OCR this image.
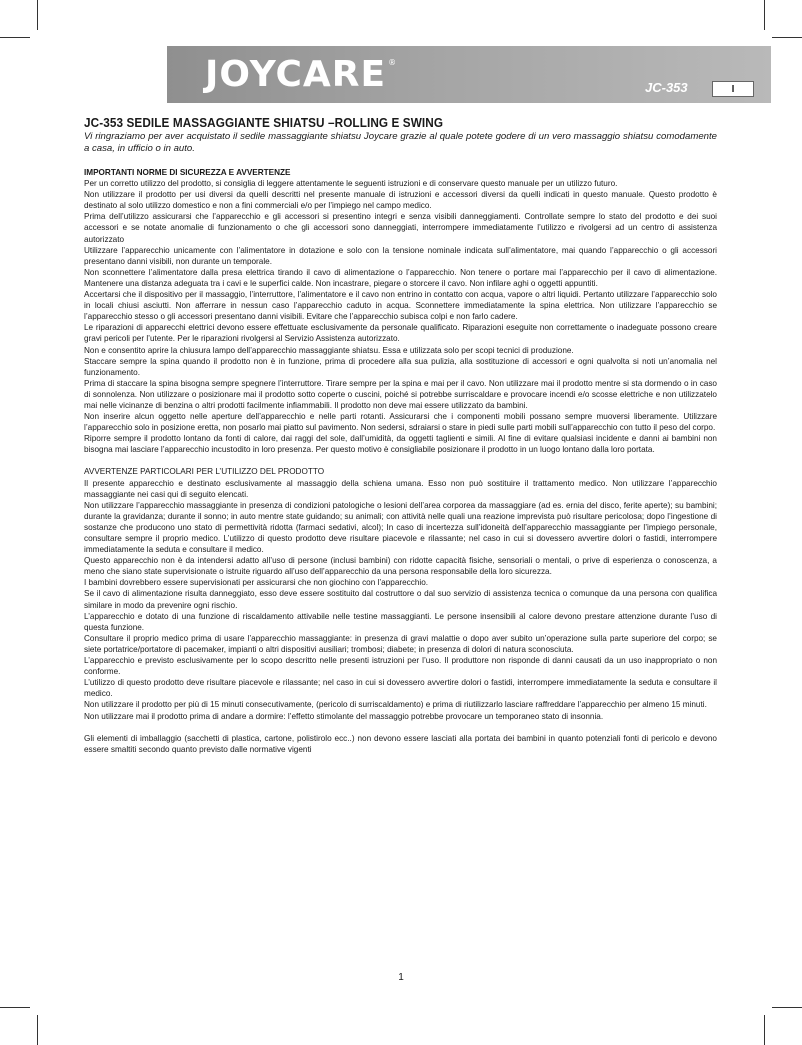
JOYCARE ®
JC-353	I
JC-353 SEDILE MASSAGGIANTE SHIATSU –ROLLING E SWING

Vi ringraziamo per aver acquistato il sedile massaggiante shiatsu Joycare grazie al quale potete godere di un vero massaggio shiatsu comodamente a casa, in ufficio o in auto.

IMPORTANTI NORME DI SICUREZZA E AVVERTENZE

Per un corretto utilizzo del prodotto, si consiglia di leggere attentamente le seguenti istruzioni e di conservare questo manuale per un utilizzo futuro.

Non utilizzare il prodotto per usi diversi da quelli descritti nel presente manuale di istruzioni e accessori diversi da quelli indicati in questo manuale. Questo prodotto è destinato al solo utilizzo domestico e non a fini commerciali e/o per l’impiego nel campo medico.

Prima dell’utilizzo assicurarsi che l’apparecchio e gli accessori si presentino integri e senza visibili danneggiamenti. Controllate sempre lo stato del prodotto e dei suoi accessori e se notate anomalie di funzionamento o che gli accessori sono danneggiati, interrompere immediatamente l’utilizzo e rivolgersi ad un centro di assistenza autorizzato

Utilizzare l’apparecchio unicamente con l’alimentatore in dotazione e solo con la tensione nominale indicata sull’alimentatore, mai quando l’apparecchio o gli accessori presentano danni visibili, non durante un temporale.

Non sconnettere l’alimentatore dalla presa elettrica tirando il cavo di alimentazione o l’apparecchio. Non tenere o portare mai l’apparecchio per il cavo di alimentazione. Mantenere una distanza adeguata tra i cavi e le superfici calde. Non incastrare, piegare o storcere il cavo. Non infilare aghi o oggetti appuntiti.

Accertarsi che il dispositivo per il massaggio, l’interruttore, l’alimentatore e il cavo non entrino in contatto con acqua, vapore o altri liquidi. Pertanto utilizzare l’apparecchio solo in locali chiusi asciutti. Non afferrare in nessun caso l’apparecchio caduto in acqua. Sconnettere immediatamente la spina elettrica. Non utilizzare l’apparecchio se l’apparecchio stesso o gli accessori presentano danni visibili. Evitare che l’apparecchio subisca colpi e non farlo cadere.

Le riparazioni di apparecchi elettrici devono essere effettuate esclusivamente da personale qualificato. Riparazioni eseguite non correttamente o inadeguate possono creare gravi pericoli per l’utente. Per le riparazioni rivolgersi al Servizio Assistenza autorizzato.

Non e consentito aprire la chiusura lampo dell’apparecchio massaggiante shiatsu. Essa e utilizzata solo per scopi tecnici di produzione.

Staccare sempre la spina quando il prodotto non è in funzione, prima di procedere alla sua pulizia, alla sostituzione di accessori e ogni qualvolta si noti un’anomalia nel funzionamento.

Prima di staccare la spina bisogna sempre spegnere l’interruttore. Tirare sempre per la spina e mai per il cavo. Non utilizzare mai il prodotto mentre si sta dormendo o in caso di sonnolenza. Non utilizzare o posizionare mai il prodotto sotto coperte o cuscini, poiché si potrebbe surriscaldare e provocare incendi e/o scosse elettriche e non utilizzatelo mai nelle vicinanze di benzina o altri prodotti facilmente infiammabili. Il prodotto non deve mai essere utilizzato da bambini.

Non inserire alcun oggetto nelle aperture dell’apparecchio e nelle parti rotanti. Assicurarsi che i componenti mobili possano sempre muoversi liberamente. Utilizzare l’apparecchio solo in posizione eretta, non posarlo mai piatto sul pavimento. Non sedersi, sdraiarsi o stare in piedi sulle parti mobili sull’apparecchio con tutto il peso del corpo.

Riporre sempre il prodotto lontano da fonti di calore, dai raggi del sole, dall’umidità, da oggetti taglienti e simili. Al fine di evitare qualsiasi incidente e danni ai bambini non bisogna mai lasciare l’apparecchio incustodito in loro presenza. Per questo motivo è consigliabile posizionare il prodotto in un luogo lontano dalla loro portata.

AVVERTENZE PARTICOLARI PER L’UTILIZZO DEL PRODOTTO

Il presente apparecchio e destinato esclusivamente al massaggio della schiena umana. Esso non può sostituire il trattamento medico. Non utilizzare l’apparecchio massaggiante nei casi qui di seguito elencati.

Non utilizzare l’apparecchio massaggiante in presenza di condizioni patologiche o lesioni dell’area corporea da massaggiare (ad es. ernia del disco, ferite aperte); su bambini; durante la gravidanza; durante il sonno; in auto mentre state guidando; su animali; con attività nelle quali una reazione imprevista può risultare pericolosa; dopo l’ingestione di sostanze che producono uno stato di permettività ridotta (farmaci sedativi, alcol); In caso di incertezza sull’idoneità dell’apparecchio massaggiante per l’impiego personale, consultare sempre il proprio medico. L’utilizzo di questo prodotto deve risultare piacevole e rilassante; nel caso in cui si dovessero avvertire dolori o fastidi, interrompere immediatamente la seduta e consultare il medico.

Questo apparecchio non è da intendersi adatto all’uso di persone (inclusi bambini) con ridotte capacità fisiche, sensoriali o mentali, o prive di esperienza o conoscenza, a meno che siano state supervisionate o istruite riguardo all’uso dell’apparecchio da una persona responsabile della loro sicurezza.

I bambini dovrebbero essere supervisionati per assicurarsi che non giochino con l’apparecchio.

Se il cavo di alimentazione risulta danneggiato, esso deve essere sostituito dal costruttore o dal suo servizio di assistenza tecnica o comunque da una persona con qualifica similare in modo da prevenire ogni rischio.

L’apparecchio e dotato di una funzione di riscaldamento attivabile nelle testine massaggianti. Le persone insensibili al calore devono prestare attenzione durante l’uso di questa funzione.

Consultare il proprio medico prima di usare l’apparecchio massaggiante: in presenza di gravi malattie o dopo aver subito un’operazione sulla parte superiore del corpo; se siete portatrice/portatore di pacemaker, impianti o altri dispositivi ausiliari; trombosi; diabete; in presenza di dolori di natura sconosciuta.

L’apparecchio e previsto esclusivamente per lo scopo descritto nelle presenti istruzioni per l’uso. Il produttore non risponde di danni causati da un uso inappropriato o non conforme.

L’utilizzo di questo prodotto deve risultare piacevole e rilassante; nel caso in cui si dovessero avvertire dolori o fastidi, interrompere immediatamente la seduta e consultare il medico.

Non utilizzare il prodotto per più di 15 minuti consecutivamente, (pericolo di surriscaldamento) e prima di riutilizzarlo lasciare raffreddare l’apparecchio per almeno 15 minuti.

Non utilizzare mai il prodotto prima di andare a dormire: l’effetto stimolante del massaggio potrebbe provocare un temporaneo stato di insonnia.

Gli elementi di imballaggio (sacchetti di plastica, cartone, polistirolo ecc..) non devono essere lasciati alla portata dei bambini in quanto potenziali fonti di pericolo e devono essere smaltiti secondo quanto previsto dalle normative vigenti

1
